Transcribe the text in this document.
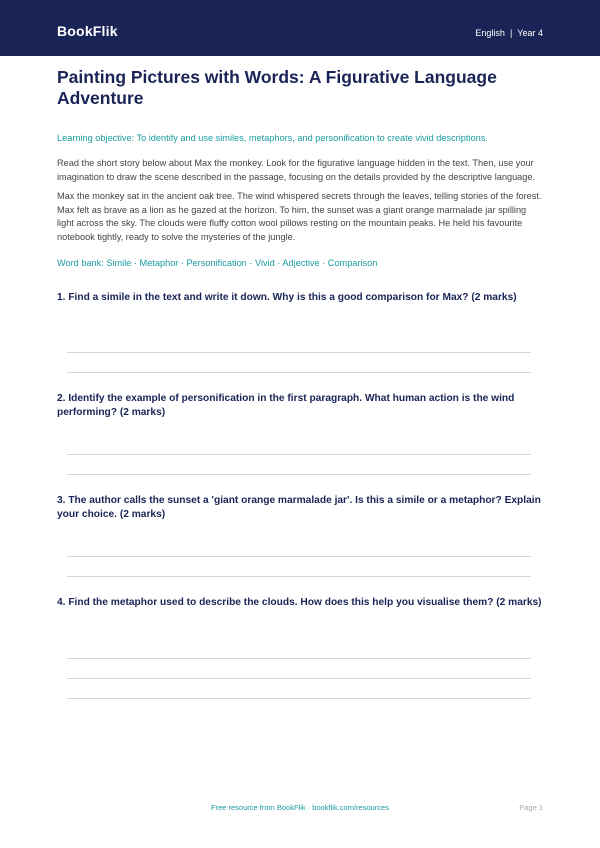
BookFlik	English | Year 4
Painting Pictures with Words: A Figurative Language Adventure
Learning objective: To identify and use similes, metaphors, and personification to create vivid descriptions.
Read the short story below about Max the monkey. Look for the figurative language hidden in the text. Then, use your imagination to draw the scene described in the passage, focusing on the details provided by the descriptive language.
Max the monkey sat in the ancient oak tree. The wind whispered secrets through the leaves, telling stories of the forest. Max felt as brave as a lion as he gazed at the horizon. To him, the sunset was a giant orange marmalade jar spilling light across the sky. The clouds were fluffy cotton wool pillows resting on the mountain peaks. He held his favourite notebook tightly, ready to solve the mysteries of the jungle.
Word bank: Simile · Metaphor · Personification · Vivid · Adjective · Comparison
1. Find a simile in the text and write it down. Why is this a good comparison for Max? (2 marks)
2. Identify the example of personification in the first paragraph. What human action is the wind performing? (2 marks)
3. The author calls the sunset a 'giant orange marmalade jar'. Is this a simile or a metaphor? Explain your choice. (2 marks)
4. Find the metaphor used to describe the clouds. How does this help you visualise them? (2 marks)
Free resource from BookFlik · bookflik.com/resources	Page 1
